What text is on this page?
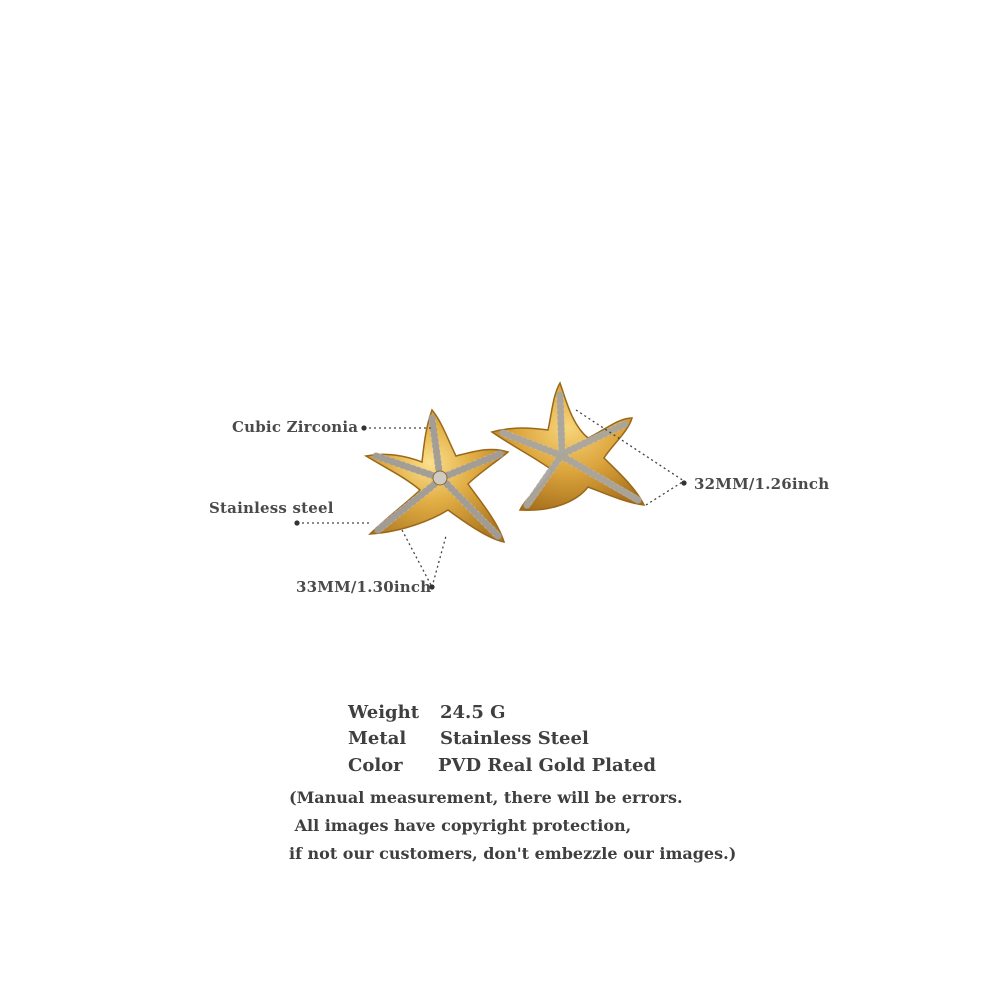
Cubic Zirconia
Stainless steel
33MM/1.30inch
32MM/1.26inch
Weight 24.5 G
Metal Stainless Steel
Color PVD Real Gold Plated
(Manual measurement, there will be errors.
All images have copyright protection,
if not our customers, don't embezzle our images.)
